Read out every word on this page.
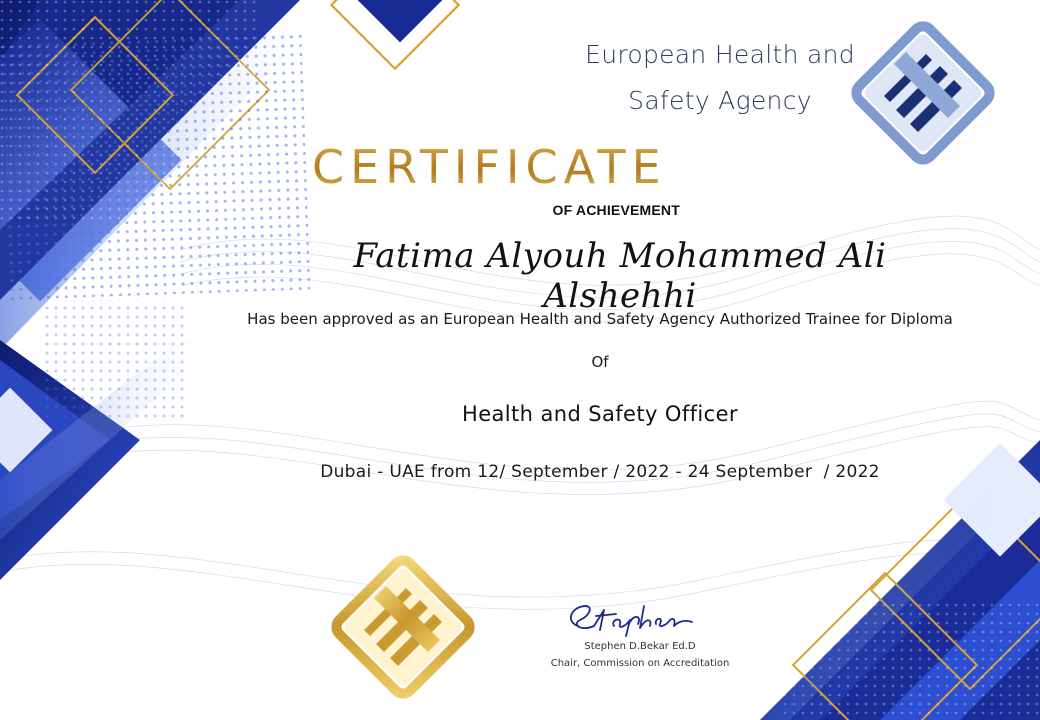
European Health and
Safety Agency
CERTIFICATE
OF ACHIEVEMENT
Fatima Alyouh Mohammed Ali Alshehhi
Has been approved as an European Health and Safety Agency Authorized Trainee for Diploma
Of
Health and Safety Officer
Dubai - UAE from 12/ September / 2022 - 24 September  / 2022
Stephen D.Bekar Ed.D
Chair, Commission on Accreditation
